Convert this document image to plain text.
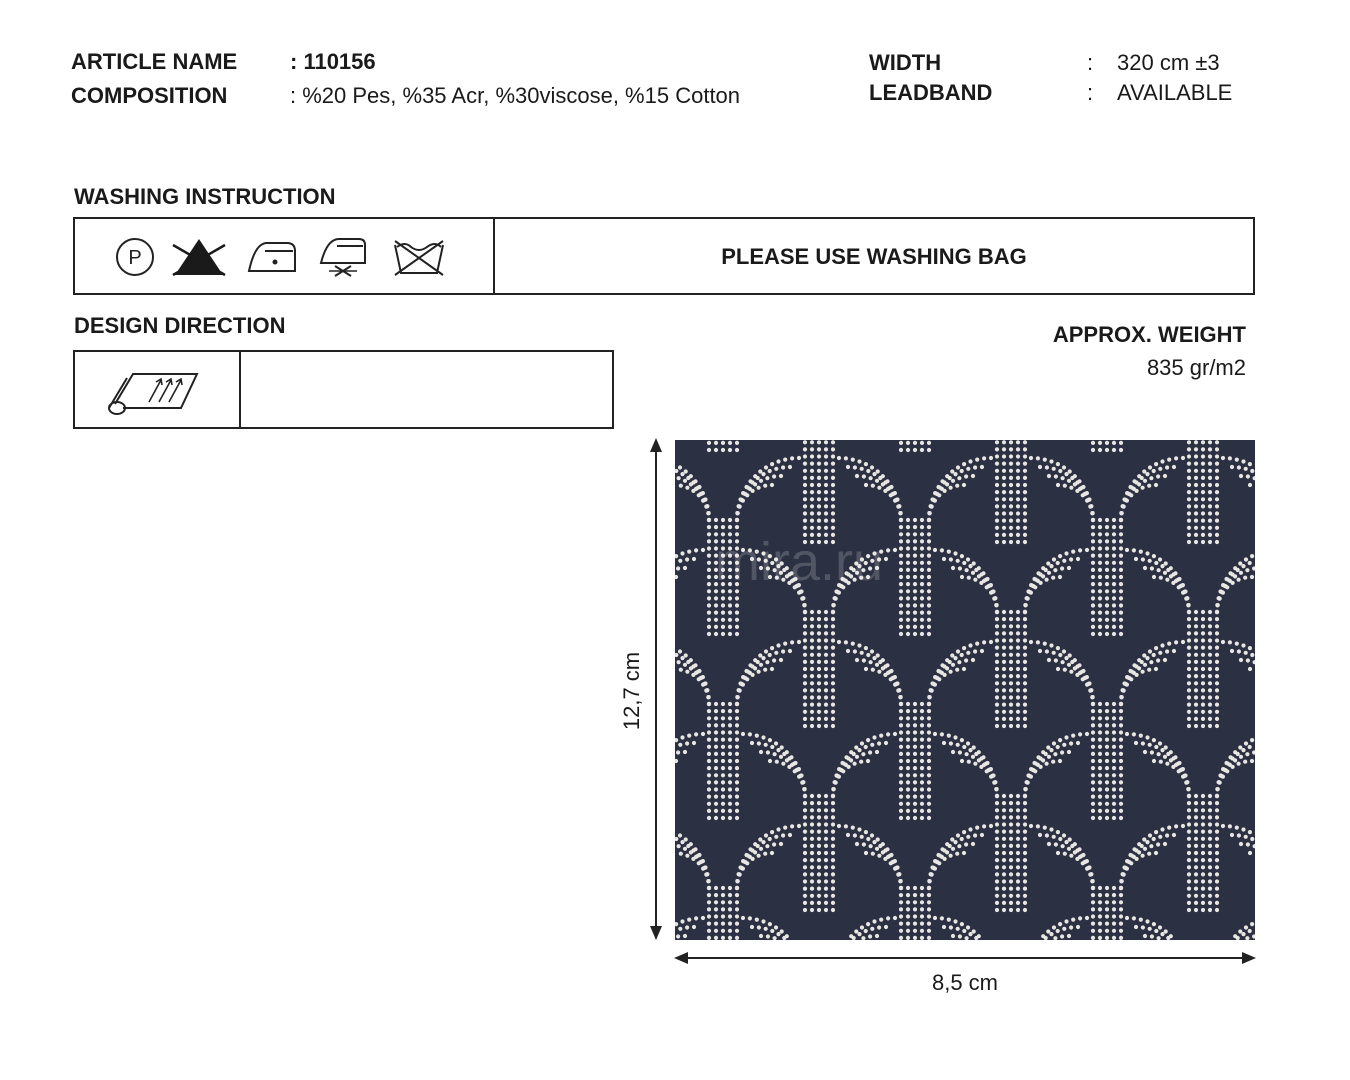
ARTICLE NAME : 110156
COMPOSITION	: %20 Pes, %35 Acr, %30viscose, %15 Cotton
WIDTH	: 320 cm ±3
LEADBAND	: AVAILABLE
WASHING INSTRUCTION
P	PLEASE USE WASHING BAG
DESIGN DIRECTION	APPROX. WEIGHT
835 gr/m2
12,7 cm
mira.ru
8,5 cm
